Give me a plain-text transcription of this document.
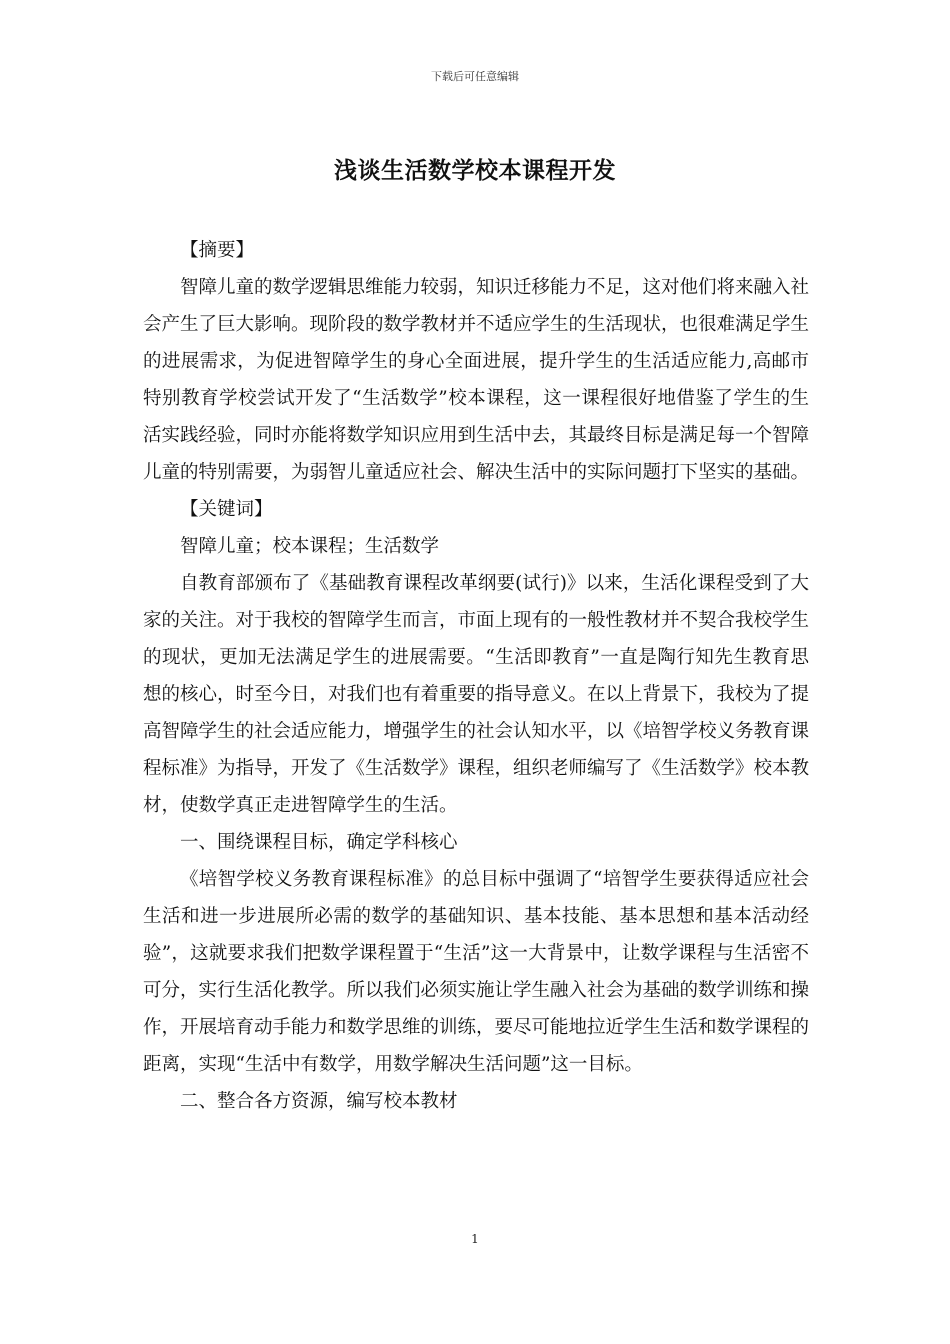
下载后可任意编辑
浅谈生活数学校本课程开发

【摘要】

智障儿童的数学逻辑思维能力较弱，知识迁移能力不足，这对他们将来融入社会产生了巨大影响。现阶段的数学教材并不适应学生的生活现状，也很难满足学生的进展需求，为促进智障学生的身心全面进展，提升学生的生活适应能力,高邮市特别教育学校尝试开发了“生活数学”校本课程，这一课程很好地借鉴了学生的生活实践经验，同时亦能将数学知识应用到生活中去，其最终目标是满足每一个智障儿童的特别需要，为弱智儿童适应社会、解决生活中的实际问题打下坚实的基础。

【关键词】

智障儿童；校本课程；生活数学

自教育部颁布了《基础教育课程改革纲要(试行)》以来，生活化课程受到了大家的关注。对于我校的智障学生而言，市面上现有的一般性教材并不契合我校学生的现状，更加无法满足学生的进展需要。“生活即教育”一直是陶行知先生教育思想的核心，时至今日，对我们也有着重要的指导意义。在以上背景下，我校为了提高智障学生的社会适应能力，增强学生的社会认知水平，以《培智学校义务教育课程标准》为指导，开发了《生活数学》课程，组织老师编写了《生活数学》校本教材，使数学真正走进智障学生的生活。

一、围绕课程目标，确定学科核心

《培智学校义务教育课程标准》的总目标中强调了“培智学生要获得适应社会生活和进一步进展所必需的数学的基础知识、基本技能、基本思想和基本活动经验”，这就要求我们把数学课程置于“生活”这一大背景中，让数学课程与生活密不可分，实行生活化教学。所以我们必须实施让学生融入社会为基础的数学训练和操作，开展培育动手能力和数学思维的训练，要尽可能地拉近学生生活和数学课程的距离，实现“生活中有数学，用数学解决生活问题”这一目标。

二、整合各方资源，编写校本教材

1
